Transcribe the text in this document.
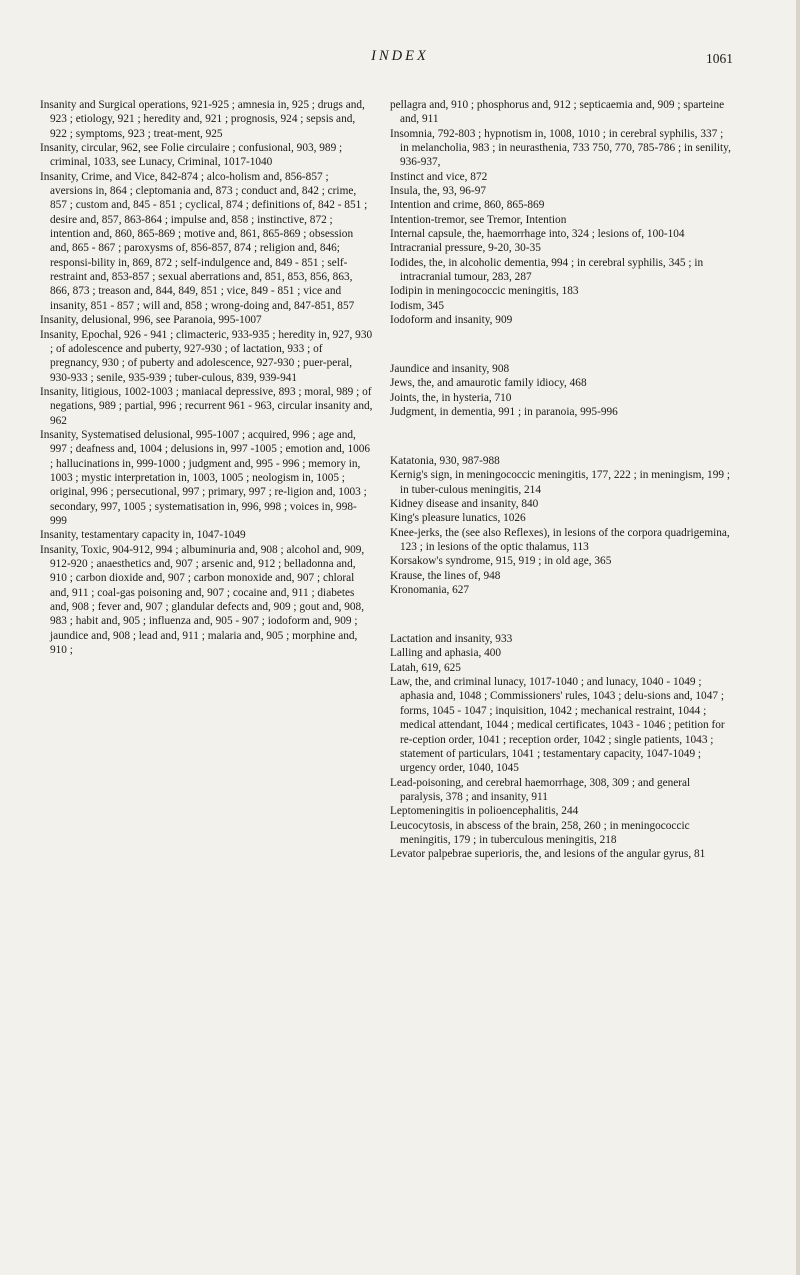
INDEX	1061

Insanity and Surgical operations, 921-925 ; amnesia in, 925 ; drugs and, 923 ; etiology, 921 ; heredity and, 921 ; prognosis, 924 ; sepsis and, 922 ; symptoms, 923 ; treat-ment, 925

Insanity, circular, 962, see Folie circulaire ; confusional, 903, 989 ; criminal, 1033, see Lunacy, Criminal, 1017-1040

Insanity, Crime, and Vice, 842-874 ; alco-holism and, 856-857 ; aversions in, 864 ; cleptomania and, 873 ; conduct and, 842 ; crime, 857 ; custom and, 845 - 851 ; cyclical, 874 ; definitions of, 842 - 851 ; desire and, 857, 863-864 ; impulse and, 858 ; instinctive, 872 ; intention and, 860, 865-869 ; motive and, 861, 865-869 ; obsession and, 865 - 867 ; paroxysms of, 856-857, 874 ; religion and, 846; responsi-bility in, 869, 872 ; self-indulgence and, 849 - 851 ; self-restraint and, 853-857 ; sexual aberrations and, 851, 853, 856, 863, 866, 873 ; treason and, 844, 849, 851 ; vice, 849 - 851 ; vice and insanity, 851 - 857 ; will and, 858 ; wrong-doing and, 847-851, 857

Insanity, delusional, 996, see Paranoia, 995-1007

Insanity, Epochal, 926 - 941 ; climacteric, 933-935 ; heredity in, 927, 930 ; of adolescence and puberty, 927-930 ; of lactation, 933 ; of pregnancy, 930 ; of puberty and adolescence, 927-930 ; puer-peral, 930-933 ; senile, 935-939 ; tuber-culous, 839, 939-941

Insanity, litigious, 1002-1003 ; maniacal depressive, 893 ; moral, 989 ; of negations, 989 ; partial, 996 ; recurrent 961 - 963, circular insanity and, 962

Insanity, Systematised delusional, 995-1007 ; acquired, 996 ; age and, 997 ; deafness and, 1004 ; delusions in, 997 -1005 ; emotion and, 1006 ; hallucinations in, 999-1000 ; judgment and, 995 - 996 ; memory in, 1003 ; mystic interpretation in, 1003, 1005 ; neologism in, 1005 ; original, 996 ; persecutional, 997 ; primary, 997 ; re-ligion and, 1003 ; secondary, 997, 1005 ; systematisation in, 996, 998 ; voices in, 998-999

Insanity, testamentary capacity in, 1047-1049

Insanity, Toxic, 904-912, 994 ; albuminuria and, 908 ; alcohol and, 909, 912-920 ; anaesthetics and, 907 ; arsenic and, 912 ; belladonna and, 910 ; carbon dioxide and, 907 ; carbon monoxide and, 907 ; chloral and, 911 ; coal-gas poisoning and, 907 ; cocaine and, 911 ; diabetes and, 908 ; fever and, 907 ; glandular defects and, 909 ; gout and, 908, 983 ; habit and, 905 ; influenza and, 905 - 907 ; iodoform and, 909 ; jaundice and, 908 ; lead and, 911 ; malaria and, 905 ; morphine and, 910 ;

pellagra and, 910 ; phosphorus and, 912 ; septicaemia and, 909 ; sparteine and, 911

Insomnia, 792-803 ; hypnotism in, 1008, 1010 ; in cerebral syphilis, 337 ; in melancholia, 983 ; in neurasthenia, 733 750, 770, 785-786 ; in senility, 936-937,

Instinct and vice, 872

Insula, the, 93, 96-97

Intention and crime, 860, 865-869

Intention-tremor, see Tremor, Intention

Internal capsule, the, haemorrhage into, 324 ; lesions of, 100-104

Intracranial pressure, 9-20, 30-35

Iodides, the, in alcoholic dementia, 994 ; in cerebral syphilis, 345 ; in intracranial tumour, 283, 287

Iodipin in meningococcic meningitis, 183

Iodism, 345

Iodoform and insanity, 909

Jaundice and insanity, 908

Jews, the, and amaurotic family idiocy, 468

Joints, the, in hysteria, 710

Judgment, in dementia, 991 ; in paranoia, 995-996

Katatonia, 930, 987-988

Kernig's sign, in meningococcic meningitis, 177, 222 ; in meningism, 199 ; in tuber-culous meningitis, 214

Kidney disease and insanity, 840

King's pleasure lunatics, 1026

Knee-jerks, the (see also Reflexes), in lesions of the corpora quadrigemina, 123 ; in lesions of the optic thalamus, 113

Korsakow's syndrome, 915, 919 ; in old age, 365

Krause, the lines of, 948

Kronomania, 627

Lactation and insanity, 933

Lalling and aphasia, 400

Latah, 619, 625

Law, the, and criminal lunacy, 1017-1040 ; and lunacy, 1040 - 1049 ; aphasia and, 1048 ; Commissioners' rules, 1043 ; delu-sions and, 1047 ; forms, 1045 - 1047 ; inquisition, 1042 ; mechanical restraint, 1044 ; medical attendant, 1044 ; medical certificates, 1043 - 1046 ; petition for re-ception order, 1041 ; reception order, 1042 ; single patients, 1043 ; statement of particulars, 1041 ; testamentary capacity, 1047-1049 ; urgency order, 1040, 1045

Lead-poisoning, and cerebral haemorrhage, 308, 309 ; and general paralysis, 378 ; and insanity, 911

Leptomeningitis in polioencephalitis, 244

Leucocytosis, in abscess of the brain, 258, 260 ; in meningococcic meningitis, 179 ; in tuberculous meningitis, 218

Levator palpebrae superioris, the, and lesions of the angular gyrus, 81
